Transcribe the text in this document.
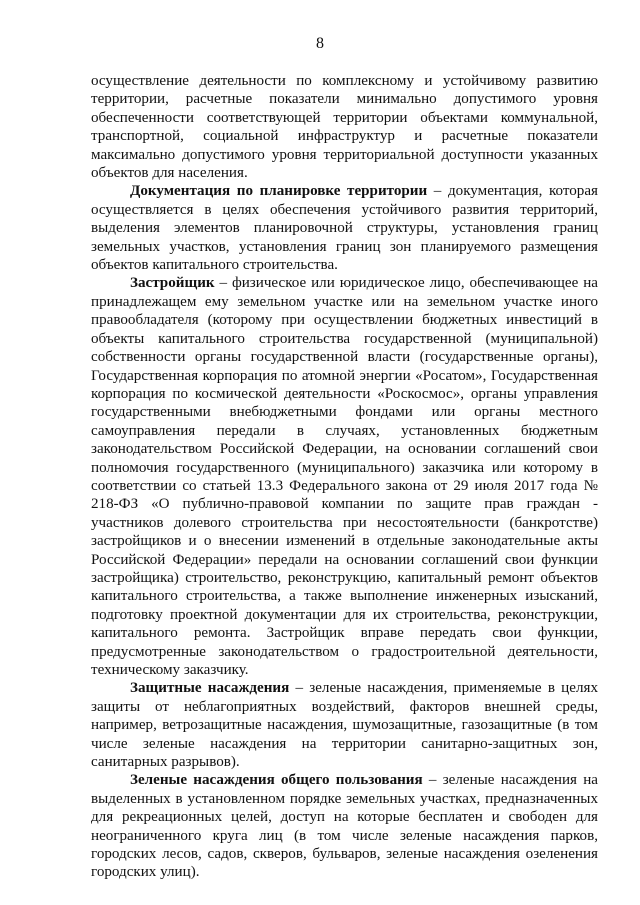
8

осуществление деятельности по комплексному и устойчивому развитию территории, расчетные показатели минимально допустимого уровня обеспеченности соответствующей территории объектами коммунальной, транспортной, социальной инфраструктур и расчетные показатели максимально допустимого уровня территориальной доступности указанных объектов для населения.

Документация по планировке территории – документация, которая осуществляется в целях обеспечения устойчивого развития территорий, выделения элементов планировочной структуры, установления границ земельных участков, установления границ зон планируемого размещения объектов капитального строительства.

Застройщик – физическое или юридическое лицо, обеспечивающее на принадлежащем ему земельном участке или на земельном участке иного правообладателя (которому при осуществлении бюджетных инвестиций в объекты капитального строительства государственной (муниципальной) собственности органы государственной власти (государственные органы), Государственная корпорация по атомной энергии «Росатом», Государственная корпорация по космической деятельности «Роскосмос», органы управления государственными внебюджетными фондами или органы местного самоуправления передали в случаях, установленных бюджетным законодательством Российской Федерации, на основании соглашений свои полномочия государственного (муниципального) заказчика или которому в соответствии со статьей 13.3 Федерального закона от 29 июля 2017 года № 218-ФЗ «О публично-правовой компании по защите прав граждан - участников долевого строительства при несостоятельности (банкротстве) застройщиков и о внесении изменений в отдельные законодательные акты Российской Федерации» передали на основании соглашений свои функции застройщика) строительство, реконструкцию, капитальный ремонт объектов капитального строительства, а также выполнение инженерных изысканий, подготовку проектной документации для их строительства, реконструкции, капитального ремонта. Застройщик вправе передать свои функции, предусмотренные законодательством о градостроительной деятельности, техническому заказчику.

Защитные насаждения – зеленые насаждения, применяемые в целях защиты от неблагоприятных воздействий, факторов внешней среды, например, ветрозащитные насаждения, шумозащитные, газозащитные (в том числе зеленые насаждения на территории санитарно-защитных зон, санитарных разрывов).

Зеленые насаждения общего пользования – зеленые насаждения на выделенных в установленном порядке земельных участках, предназначенных для рекреационных целей, доступ на которые бесплатен и свободен для неограниченного круга лиц (в том числе зеленые насаждения парков, городских лесов, садов, скверов, бульваров, зеленые насаждения озеленения городских улиц).
